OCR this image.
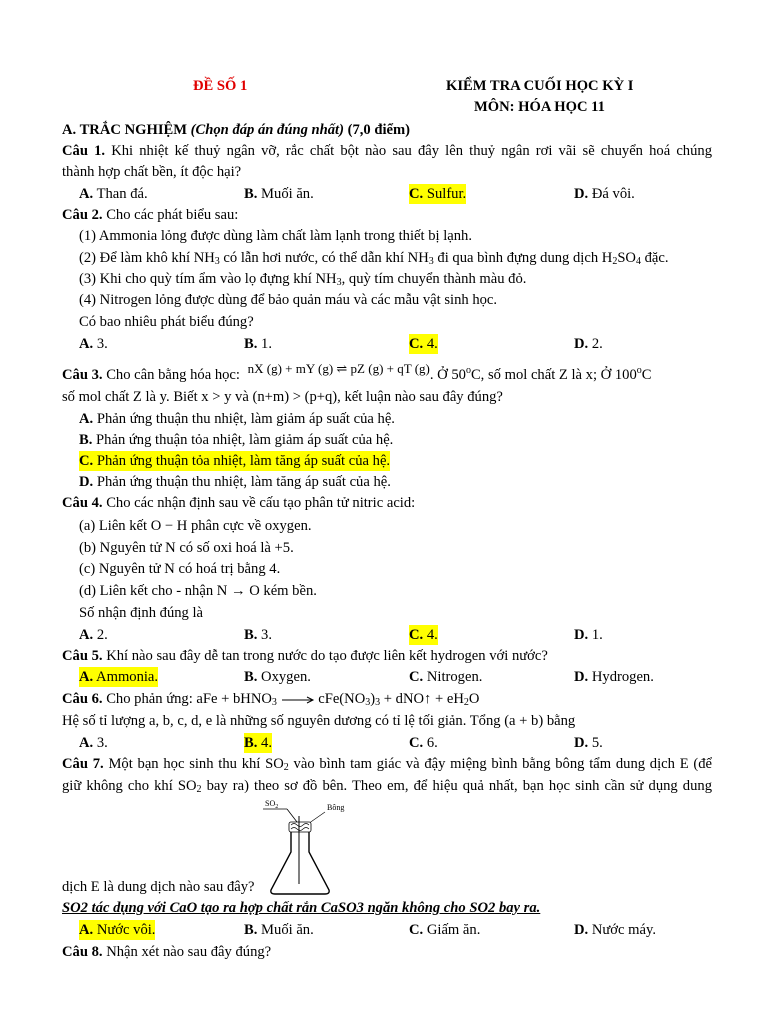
ĐỀ SỐ 1	KIỂM TRA CUỐI HỌC KỲ I
MÔN: HÓA HỌC 11
A. TRẮC NGHIỆM (Chọn đáp án đúng nhất) (7,0 điểm)
Câu 1. Khi nhiệt kế thuỷ ngân vỡ, rắc chất bột nào sau đây lên thuỷ ngân rơi vãi sẽ chuyển hoá chúng
thành hợp chất bền, ít độc hại?
A. Than đá.	B. Muối ăn.	C. Sulfur.	D. Đá vôi.
Câu 2. Cho các phát biểu sau:
(1) Ammonia lỏng được dùng làm chất làm lạnh trong thiết bị lạnh.
(2) Để làm khô khí $NH_3$ có lẫn hơi nước, có thể dẫn khí $NH_3$ đi qua bình đựng dung dịch $H_2SO_4$ đặc.
(3) Khi cho quỳ tím ẩm vào lọ đựng khí $NH_3$, quỳ tím chuyển thành màu đỏ.
(4) Nitrogen lỏng được dùng để bảo quản máu và các mẫu vật sinh học.
Có bao nhiêu phát biểu đúng?
A. 3.	B. 1.	C. 4.	D. 2.
Câu 3. Cho cân bằng hóa học: nX (g) + mY (g) ⇌ pZ (g) + qT (g). Ở 50$^o$C, số mol chất Z là x; Ở 100$^o$C
số mol chất Z là y. Biết x > y và (n+m) > (p+q), kết luận nào sau đây đúng?
A. Phản ứng thuận thu nhiệt, làm giảm áp suất của hệ.
B. Phản ứng thuận tỏa nhiệt, làm giảm áp suất của hệ.
C. Phản ứng thuận tỏa nhiệt, làm tăng áp suất của hệ.
D. Phản ứng thuận thu nhiệt, làm tăng áp suất của hệ.
Câu 4. Cho các nhận định sau về cấu tạo phân tử nitric acid:
(a) Liên kết O − H phân cực về oxygen.
(b) Nguyên tử N có số oxi hoá là +5.
(c) Nguyên tử N có hoá trị bằng 4.
(d) Liên kết cho - nhận N → O kém bền.
Số nhận định đúng là
A. 2.	B. 3.	C. 4.	D. 1.
Câu 5. Khí nào sau đây dễ tan trong nước do tạo được liên kết hydrogen với nước?
A. Ammonia.	B. Oxygen.	C. Nitrogen.	D. Hydrogen.
Câu 6. Cho phản ứng: aFe + bHNO$_3$ → $cFe(NO_3)_3$ + dNO↑ + $eH_2O$
Hệ số tỉ lượng a, b, c, d, e là những số nguyên dương có tỉ lệ tối giản. Tổng (a + b) bằng
A. 3.	B. 4.	C. 6.	D. 5.
Câu 7. Một bạn học sinh thu khí $SO_2$ vào bình tam giác và đậy miệng bình bằng bông tẩm dung dịch E (để
giữ không cho khí $SO_2$ bay ra) theo sơ đồ bên. Theo em, để hiệu quả nhất, bạn học sinh cần sử dụng dung
$SO_2$	Bông
dịch E là dung dịch nào sau đây?
SO2 tác dụng với CaO tạo ra hợp chất rắn CaSO3 ngăn không cho SO2 bay ra.
A. Nước vôi.	B. Muối ăn.	C. Giấm ăn.	D. Nước máy.
Câu 8. Nhận xét nào sau đây đúng?
